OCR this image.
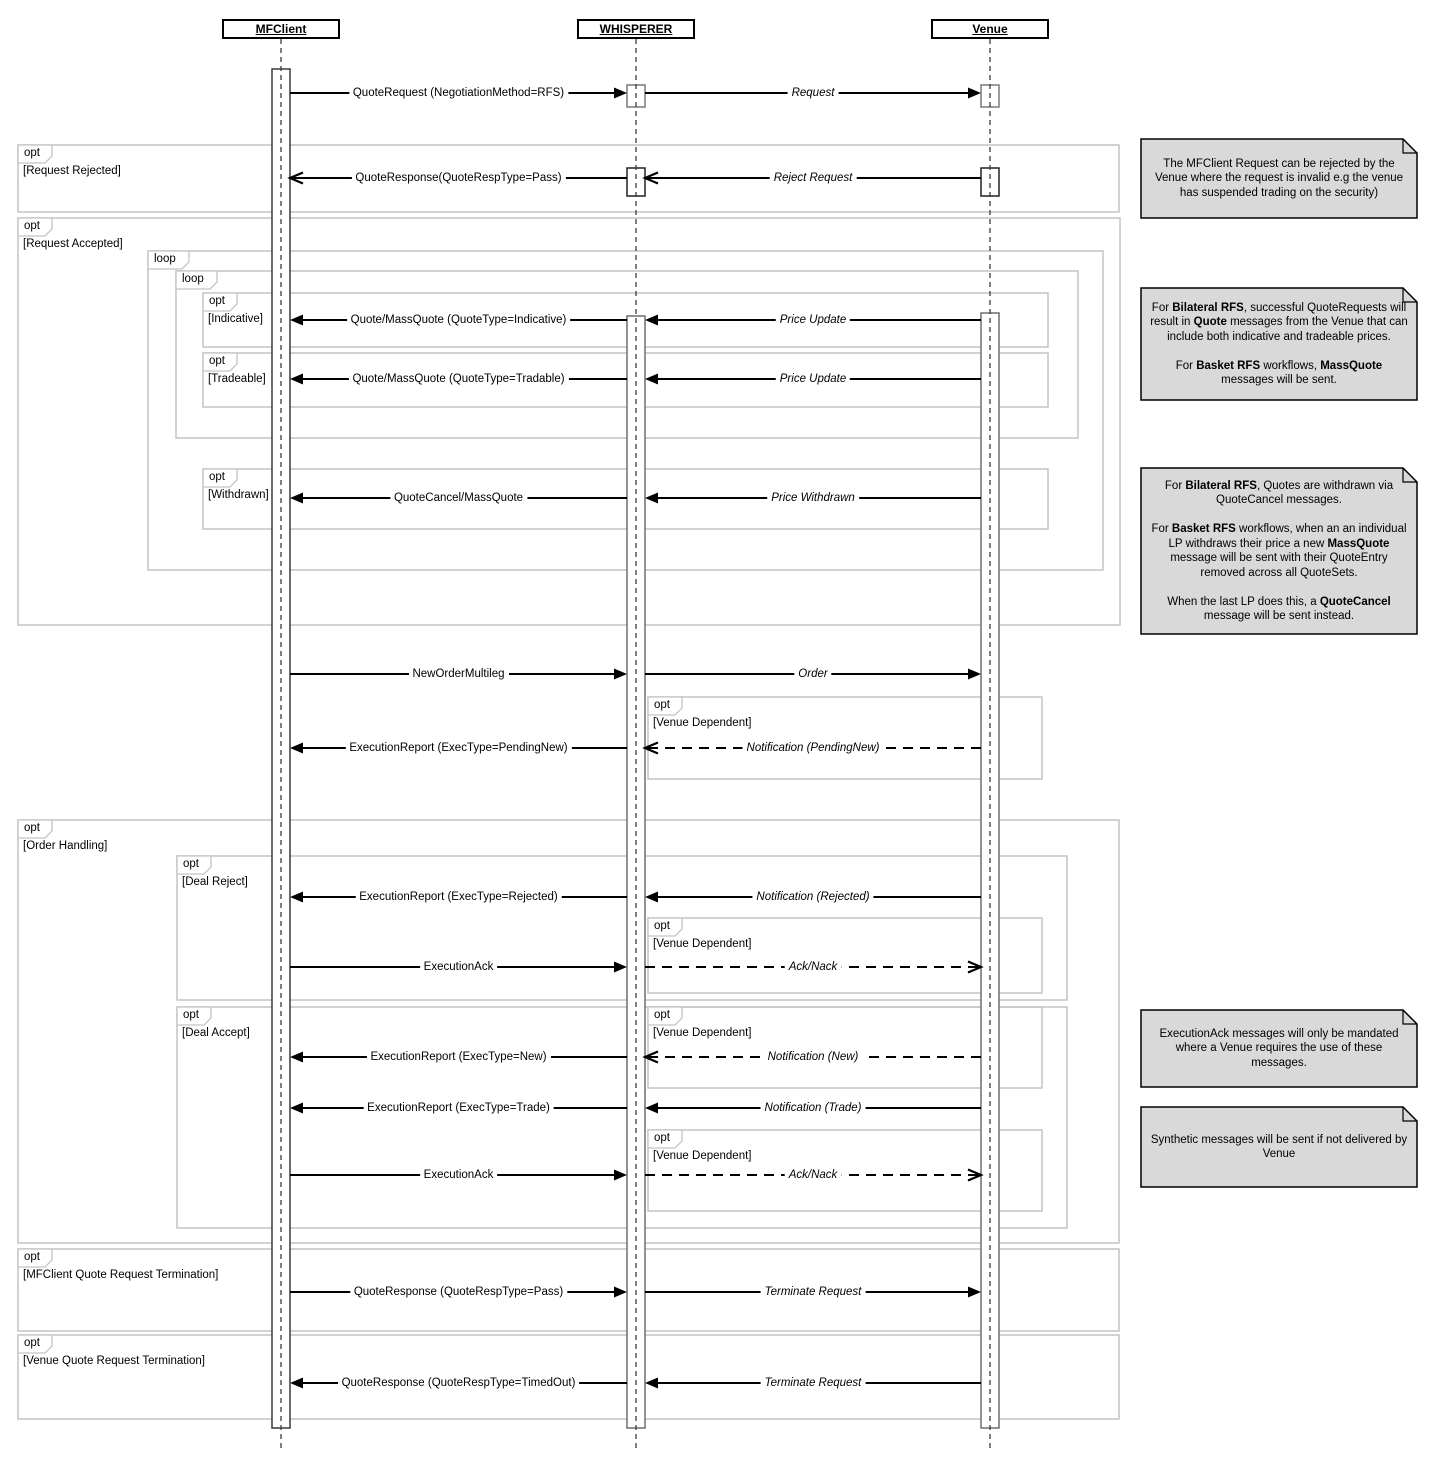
opt
[Request Rejected]
opt
[Request Accepted]
loop
loop
opt
[Indicative]
opt
[Tradeable]
opt
[Withdrawn]
opt
[Venue Dependent]
opt
[Order Handling]
opt
[Deal Reject]
opt
[Venue Dependent]
opt
[Deal Accept]
opt
[Venue Dependent]
opt
[Venue Dependent]
opt
[MFClient Quote Request Termination]
opt
[Venue Quote Request Termination]
QuoteRequest (NegotiationMethod=RFS)	Request
QuoteResponse(QuoteRespType=Pass)	Reject Request
Quote/MassQuote (QuoteType=Indicative)	Price Update
Quote/MassQuote (QuoteType=Tradable)	Price Update
QuoteCancel/MassQuote	Price Withdrawn
NewOrderMultileg	Order
ExecutionReport (ExecType=PendingNew)	Notification (PendingNew)
ExecutionReport (ExecType=Rejected)	Notification (Rejected)
ExecutionAck	Ack/Nack
ExecutionReport (ExecType=New)	Notification (New)
ExecutionReport (ExecType=Trade)	Notification (Trade)
ExecutionAck	Ack/Nack
QuoteResponse (QuoteRespType=Pass)	Terminate Request
QuoteResponse (QuoteRespType=TimedOut)	Terminate Request
The MFClient Request can be rejected by the Venue where the request is invalid e.g the venue has suspended trading on the security)
For Bilateral RFS, successful QuoteRequests will result in Quote messages from the Venue that can include both indicative and tradeable prices.

For Basket RFS workflows, MassQuote messages will be sent.
For Bilateral RFS, Quotes are withdrawn via QuoteCancel messages.

For Basket RFS workflows, when an an individual LP withdraws their price a new MassQuote message will be sent with their QuoteEntry removed across all QuoteSets.

When the last LP does this, a QuoteCancel message will be sent instead.
ExecutionAck messages will only be mandated where a Venue requires the use of these messages.
Synthetic messages will be sent if not delivered by Venue
MFClient	WHISPERER	Venue
